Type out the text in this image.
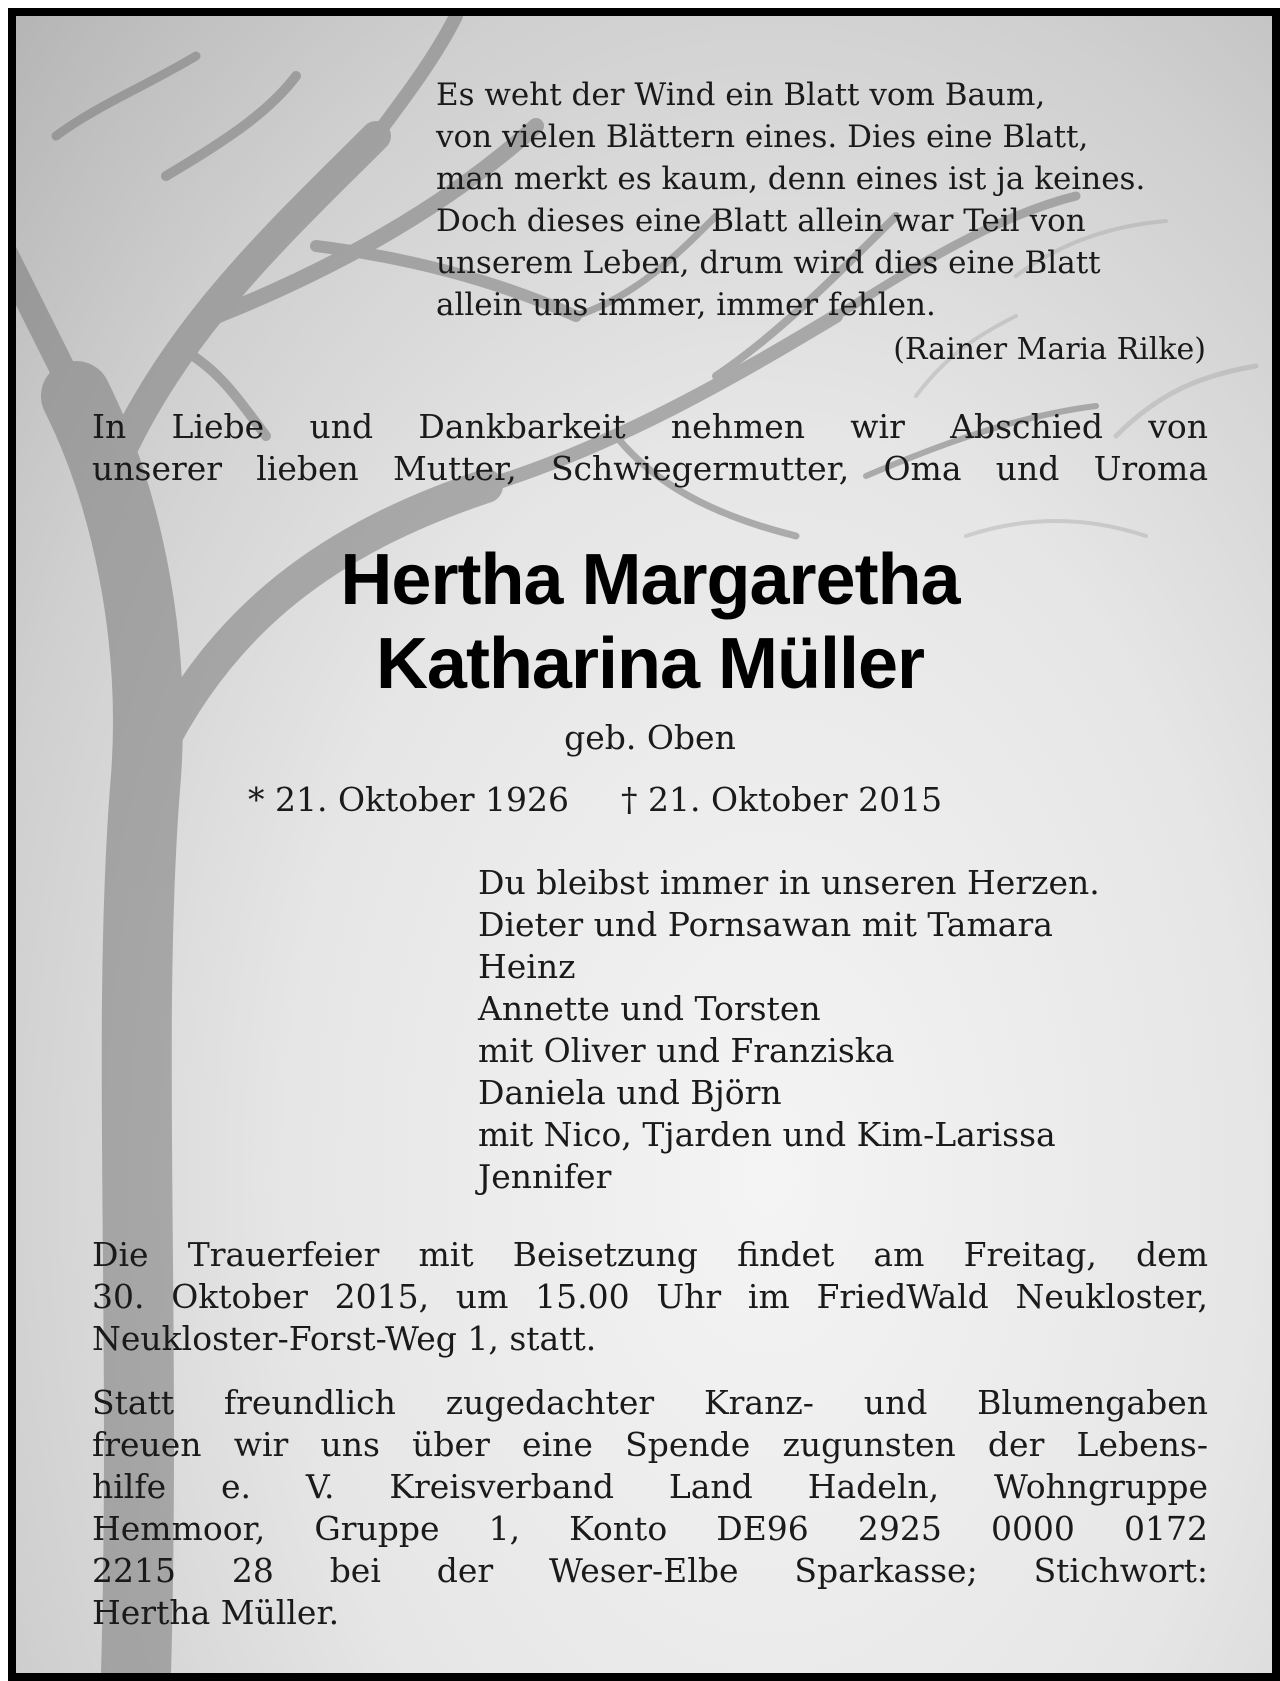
Es weht der Wind ein Blatt vom Baum,
von vielen Blättern eines. Dies eine Blatt,
man merkt es kaum, denn eines ist ja keines.
Doch dieses eine Blatt allein war Teil von
unserem Leben, drum wird dies eine Blatt
allein uns immer, immer fehlen.
(Rainer Maria Rilke)
In Liebe und Dankbarkeit nehmen wir Abschied von
unserer lieben Mutter, Schwiegermutter, Oma und Uroma
Hertha Margaretha
Katharina Müller
geb. Oben
* 21. Oktober 1926 † 21. Oktober 2015
Du bleibst immer in unseren Herzen.
Dieter und Pornsawan mit Tamara
Heinz
Annette und Torsten
mit Oliver und Franziska
Daniela und Björn
mit Nico, Tjarden und Kim-Larissa
Jennifer
Die Trauerfeier mit Beisetzung findet am Freitag, dem
30. Oktober 2015, um 15.00 Uhr im FriedWald Neukloster,
Neukloster-Forst-Weg 1, statt.
Statt freundlich zugedachter Kranz- und Blumengaben
freuen wir uns über eine Spende zugunsten der Lebens-
hilfe e. V. Kreisverband Land Hadeln, Wohngruppe
Hemmoor, Gruppe 1, Konto DE96 2925 0000 0172
2215 28 bei der Weser-Elbe Sparkasse; Stichwort:
Hertha Müller.
